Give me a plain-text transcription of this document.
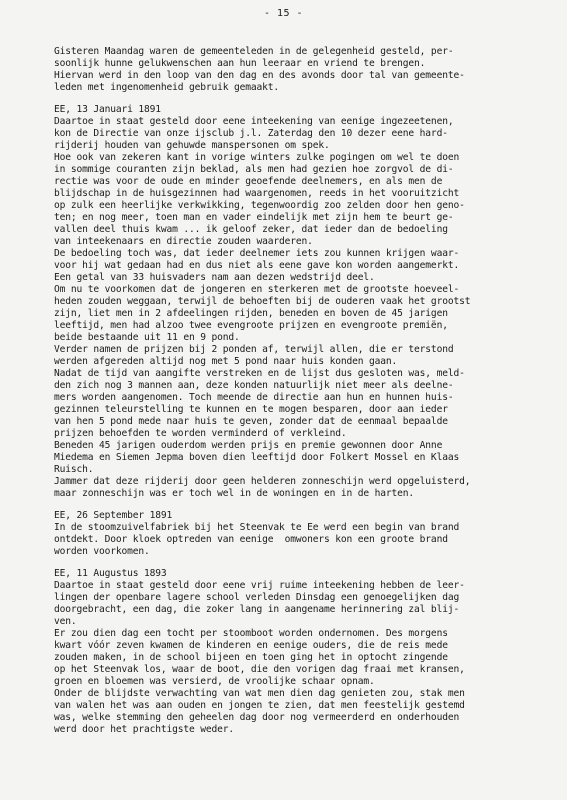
- 15 -
Gisteren Maandag waren de gemeenteleden in de gelegenheid gesteld, per-
soonlijk hunne gelukwenschen aan hun leeraar en vriend te brengen.
Hiervan werd in den loop van den dag en des avonds door tal van gemeente-
leden met ingenomenheid gebruik gemaakt.
EE, 13 Januari 1891
Daartoe in staat gesteld door eene inteekening van eenige ingezeetenen,
kon de Directie van onze ijsclub j.l. Zaterdag den 10 dezer eene hard-
rijderij houden van gehuwde manspersonen om spek.
Hoe ook van zekeren kant in vorige winters zulke pogingen om wel te doen
in sommige couranten zijn beklad, als men had gezien hoe zorgvol de di-
rectie was voor de oude en minder geoefende deelnemers, en als men de
blijdschap in de huisgezinnen had waargenomen, reeds in het vooruitzicht
op zulk een heerlijke verkwikking, tegenwoordig zoo zelden door hen geno-
ten; en nog meer, toen man en vader eindelijk met zijn hem te beurt ge-
vallen deel thuis kwam ... ik geloof zeker, dat ieder dan de bedoeling
van inteekenaars en directie zouden waarderen.
De bedoeling toch was, dat ieder deelnemer iets zou kunnen krijgen waar-
voor hij wat gedaan had en dus niet als eene gave kon worden aangemerkt.
Een getal van 33 huisvaders nam aan dezen wedstrijd deel.
Om nu te voorkomen dat de jongeren en sterkeren met de grootste hoeveel-
heden zouden weggaan, terwijl de behoeften bij de ouderen vaak het grootst
zijn, liet men in 2 afdeelingen rijden, beneden en boven de 45 jarigen
leeftijd, men had alzoo twee evengroote prijzen en evengroote premiën,
beide bestaande uit 11 en 9 pond.
Verder namen de prijzen bij 2 ponden af, terwijl allen, die er terstond
werden afgereden altijd nog met 5 pond naar huis konden gaan.
Nadat de tijd van aangifte verstreken en de lijst dus gesloten was, meld-
den zich nog 3 mannen aan, deze konden natuurlijk niet meer als deelne-
mers worden aangenomen. Toch meende de directie aan hun en hunnen huis-
gezinnen teleurstelling te kunnen en te mogen besparen, door aan ieder
van hen 5 pond mede naar huis te geven, zonder dat de eenmaal bepaalde
prijzen behoefden te worden verminderd of verkleind.
Beneden 45 jarigen ouderdom werden prijs en premie gewonnen door Anne
Miedema en Siemen Jepma boven dien leeftijd door Folkert Mossel en Klaas
Ruisch.
Jammer dat deze rijderij door geen helderen zonneschijn werd opgeluisterd,
maar zonneschijn was er toch wel in de woningen en in de harten.
EE, 26 September 1891
In de stoomzuivelfabriek bij het Steenvak te Ee werd een begin van brand
ontdekt. Door kloek optreden van eenige  omwoners kon een groote brand
worden voorkomen.
EE, 11 Augustus 1893
Daartoe in staat gesteld door eene vrij ruime inteekening hebben de leer-
lingen der openbare lagere school verleden Dinsdag een genoegelijken dag
doorgebracht, een dag, die zoker lang in aangename herinnering zal blij-
ven.
Er zou dien dag een tocht per stoomboot worden ondernomen. Des morgens
kwart vóór zeven kwamen de kinderen en eenige ouders, die de reis mede
zouden maken, in de school bijeen en toen ging het in optocht zingende
op het Steenvak los, waar de boot, die den vorigen dag fraai met kransen,
groen en bloemen was versierd, de vroolijke schaar opnam.
Onder de blijdste verwachting van wat men dien dag genieten zou, stak men
van walen het was aan ouden en jongen te zien, dat men feestelijk gestemd
was, welke stemming den geheelen dag door nog vermeerderd en onderhouden
werd door het prachtigste weder.
